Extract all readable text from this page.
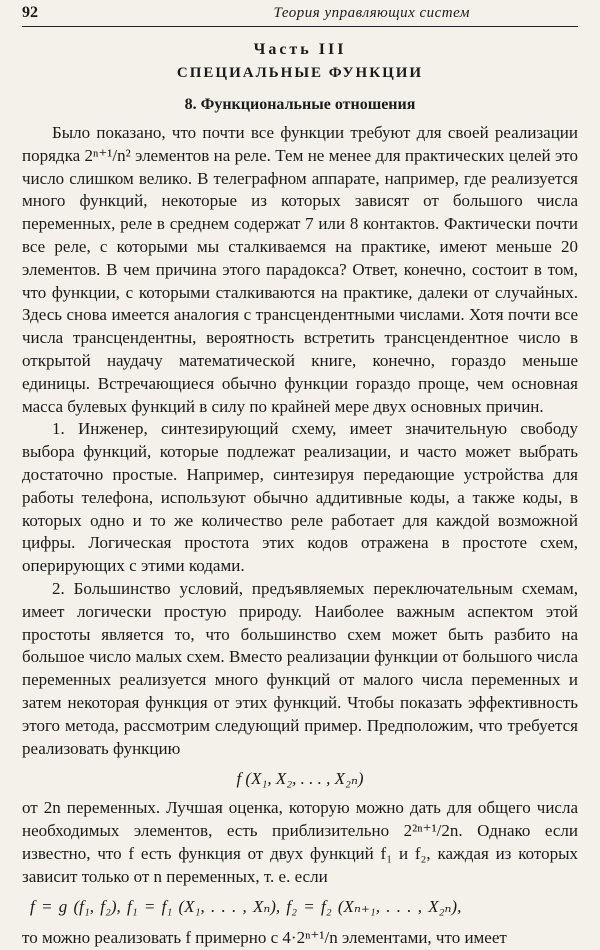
92	Теория управляющих систем
Часть III
СПЕЦИАЛЬНЫЕ ФУНКЦИИ
8. Функциональные отношения

Было показано, что почти все функции требуют для своей реализации порядка 2ⁿ⁺¹/n² элементов на реле. Тем не менее для практических целей это число слишком велико. В телеграфном аппарате, например, где реализуется много функций, некоторые из которых зависят от большого числа переменных, реле в среднем содержат 7 или 8 контактов. Фактически почти все реле, с которыми мы сталкиваемся на практике, имеют меньше 20 элементов. В чем причина этого парадокса? Ответ, конечно, состоит в том, что функции, с которыми сталкиваются на практике, далеки от случайных. Здесь снова имеется аналогия с трансцендентными числами. Хотя почти все числа трансцендентны, вероятность встретить трансцендентное число в открытой наудачу математической книге, конечно, гораздо меньше единицы. Встречающиеся обычно функции гораздо проще, чем основная масса булевых функций в силу по крайней мере двух основных причин.

1. Инженер, синтезирующий схему, имеет значительную свободу выбора функций, которые подлежат реализации, и часто может выбрать достаточно простые. Например, синтезируя передающие устройства для работы телефона, используют обычно аддитивные коды, а также коды, в которых одно и то же количество реле работает для каждой возможной цифры. Логическая простота этих кодов отражена в простоте схем, оперирующих с этими кодами.

2. Большинство условий, предъявляемых переключательным схемам, имеет логически простую природу. Наиболее важным аспектом этой простоты является то, что большинство схем может быть разбито на большое число малых схем. Вместо реализации функции от большого числа переменных реализуется много функций от малого числа переменных и затем некоторая функция от этих функций. Чтобы показать эффективность этого метода, рассмотрим следующий пример. Предположим, что требуется реализовать функцию

f (X₁, X₂, . . . , X₂ₙ)

от 2n переменных. Лучшая оценка, которую можно дать для общего числа необходимых элементов, есть приблизительно 2²ⁿ⁺¹/2n. Однако если известно, что f есть функция от двух функций f₁ и f₂, каждая из которых зависит только от n переменных, т. е. если

f = g (f₁, f₂), f₁ = f₁ (X₁, . . . , Xₙ), f₂ = f₂ (Xₙ₊₁, . . . , X₂ₙ),

то можно реализовать f примерно с 4·2ⁿ⁺¹/n элементами, что имеет
